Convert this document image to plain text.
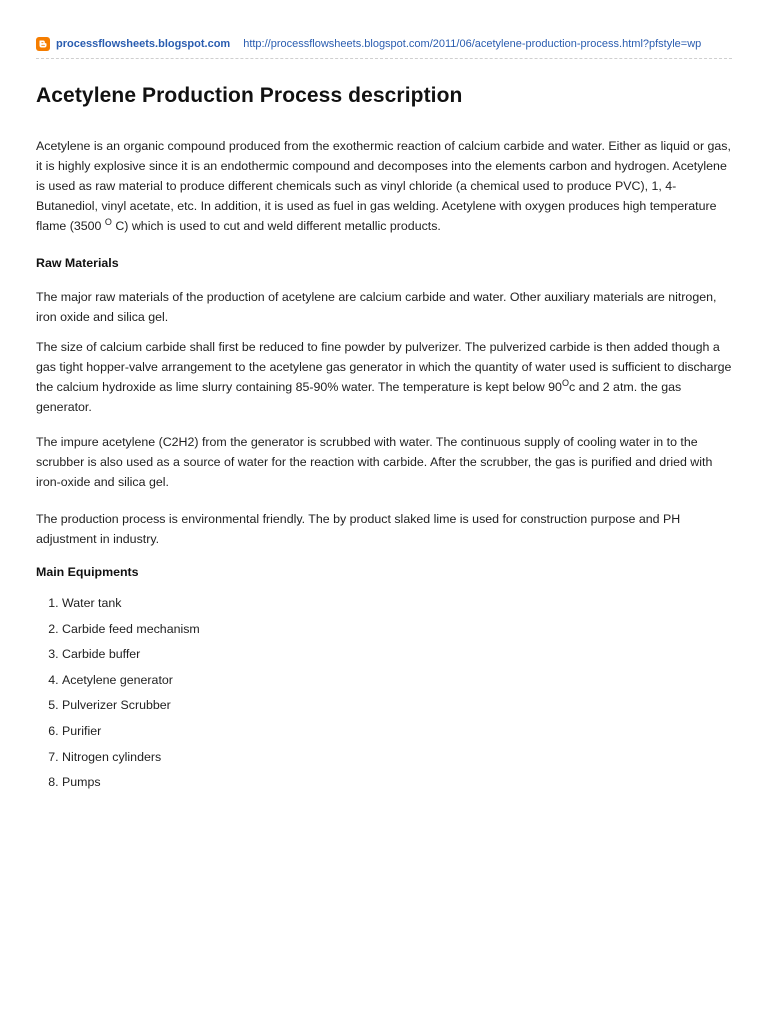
processflowsheets.blogspot.com http://processflowsheets.blogspot.com/2011/06/acetylene-production-process.html?pfstyle=wp
Acetylene Production Process description

Acetylene is an organic compound produced from the exothermic reaction of calcium carbide and water. Either as liquid or gas, it is highly explosive since it is an endothermic compound and decomposes into the elements carbon and hydrogen. Acetylene is used as raw material to produce different chemicals such as vinyl chloride (a chemical used to produce PVC), 1, 4-Butanediol, vinyl acetate, etc. In addition, it is used as fuel in gas welding. Acetylene with oxygen produces high temperature flame (3500 $^O$ C) which is used to cut and weld different metallic products.

Raw Materials

The major raw materials of the production of acetylene are calcium carbide and water. Other auxiliary materials are nitrogen, iron oxide and silica gel.

The size of calcium carbide shall first be reduced to fine powder by pulverizer. The pulverized carbide is then added though a gas tight hopper-valve arrangement to the acetylene gas generator in which the quantity of water used is sufficient to discharge the calcium hydroxide as lime slurry containing 85-90% water. The temperature is kept below $90^Oc$ and 2 atm. the gas generator.

The impure acetylene (C2H2) from the generator is scrubbed with water. The continuous supply of cooling water in to the scrubber is also used as a source of water for the reaction with carbide. After the scrubber, the gas is purified and dried with iron-oxide and silica gel.

The production process is environmental friendly. The by product slaked lime is used for construction purpose and PH adjustment in industry.

Main Equipments
1. Water tank
2. Carbide feed mechanism
3. Carbide buffer
4. Acetylene generator
5. Pulverizer Scrubber
6. Purifier
7. Nitrogen cylinders
8. Pumps
